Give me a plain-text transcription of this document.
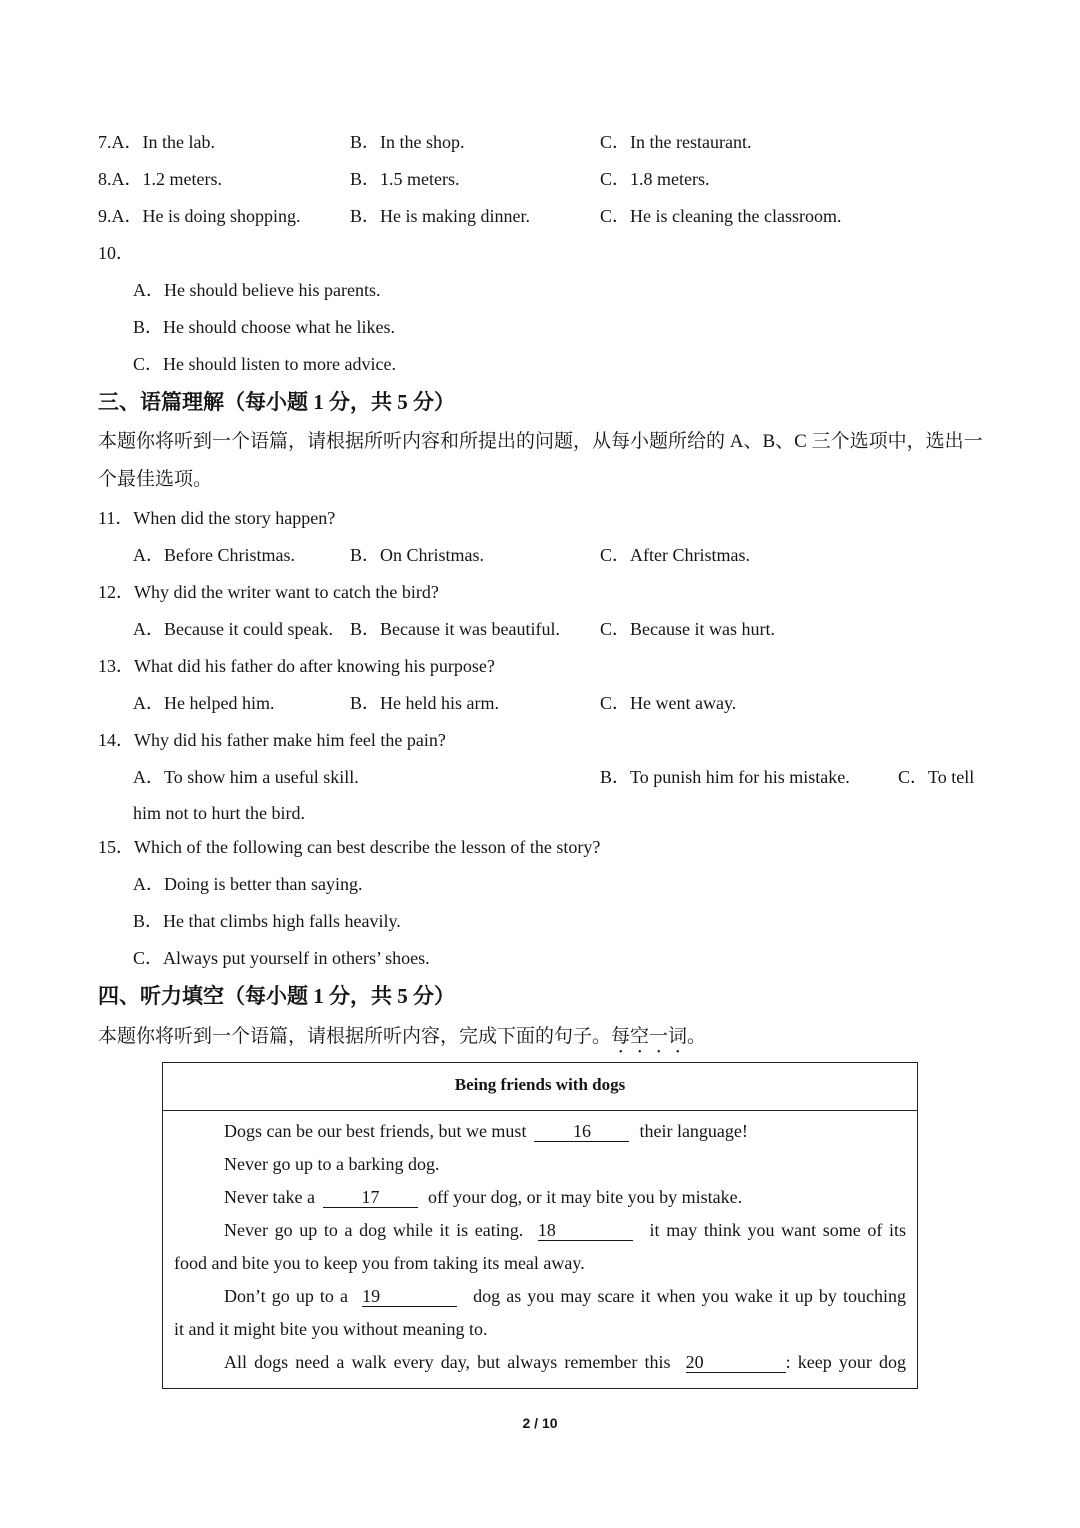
7.A．In the lab.	B．In the shop.	C．In the restaurant.
8.A．1.2 meters.	B．1.5 meters.	C．1.8 meters.
9.A．He is doing shopping.	B．He is making dinner.	C．He is cleaning the classroom.
10．
A．He should believe his parents.
B．He should choose what he likes.
C．He should listen to more advice.
三、语篇理解（每小题 1 分，共 5 分）
本题你将听到一个语篇，请根据所听内容和所提出的问题，从每小题所给的 A、B、C 三个选项中，选出一
个最佳选项。
11．When did the story happen?
A．Before Christmas.	B．On Christmas.	C．After Christmas.
12．Why did the writer want to catch the bird?
A．Because it could speak. B．Because it was beautiful. C．Because it was hurt.
13．What did his father do after knowing his purpose?
A．He helped him.	B．He held his arm.	C．He went away.
14．Why did his father make him feel the pain?
A．To show him a useful skill.	B．To punish him for his mistake.	C．To tell
him not to hurt the bird.
15．Which of the following can best describe the lesson of the story?
A．Doing is better than saying.
B．He that climbs high falls heavily.
C．Always put yourself in others’ shoes.
四、听力填空（每小题 1 分，共 5 分）
本题你将听到一个语篇，请根据所听内容，完成下面的句子。每空一词。
Being friends with dogs
Dogs can be our best friends, but we must	16	their language!
Never go up to a barking dog.
Never take a	17	off your dog, or it may bite you by mistake.
Never go up to a dog while it is eating. 18	it may think you want some of its
food and bite you to keep you from taking its meal away.
Don’t go up to a 19	dog as you may scare it when you wake it up by touching
it and it might bite you without meaning to.
All dogs need a walk every day, but always remember this 20	: keep your dog
2 / 10
